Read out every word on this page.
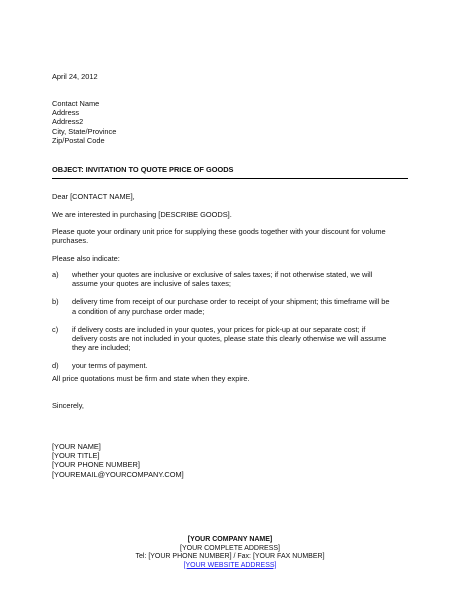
April 24, 2012

Contact Name
Address
Address2
City, State/Province
Zip/Postal Code
OBJECT: INVITATION TO QUOTE PRICE OF GOODS

Dear [CONTACT NAME],

We are interested in purchasing [DESCRIBE GOODS].

Please quote your ordinary unit price for supplying these goods together with your discount for volume
purchases.

Please also indicate:

a) whether your quotes are inclusive or exclusive of sales taxes; if not otherwise stated, we will
assume your quotes are inclusive of sales taxes;
b) delivery time from receipt of our purchase order to receipt of your shipment; this timeframe will be
a condition of any purchase order made;
c) if delivery costs are included in your quotes, your prices for pick-up at our separate cost; if
delivery costs are not included in your quotes, please state this clearly otherwise we will assume
they are included;
d) your terms of payment.

All price quotations must be firm and state when they expire.

Sincerely,

[YOUR NAME]
[YOUR TITLE]
[YOUR PHONE NUMBER]
[YOUREMAIL@YOURCOMPANY.COM]
[YOUR COMPANY NAME]
[YOUR COMPLETE ADDRESS]
Tel: [YOUR PHONE NUMBER] / Fax: [YOUR FAX NUMBER]
[YOUR WEBSITE ADDRESS]
